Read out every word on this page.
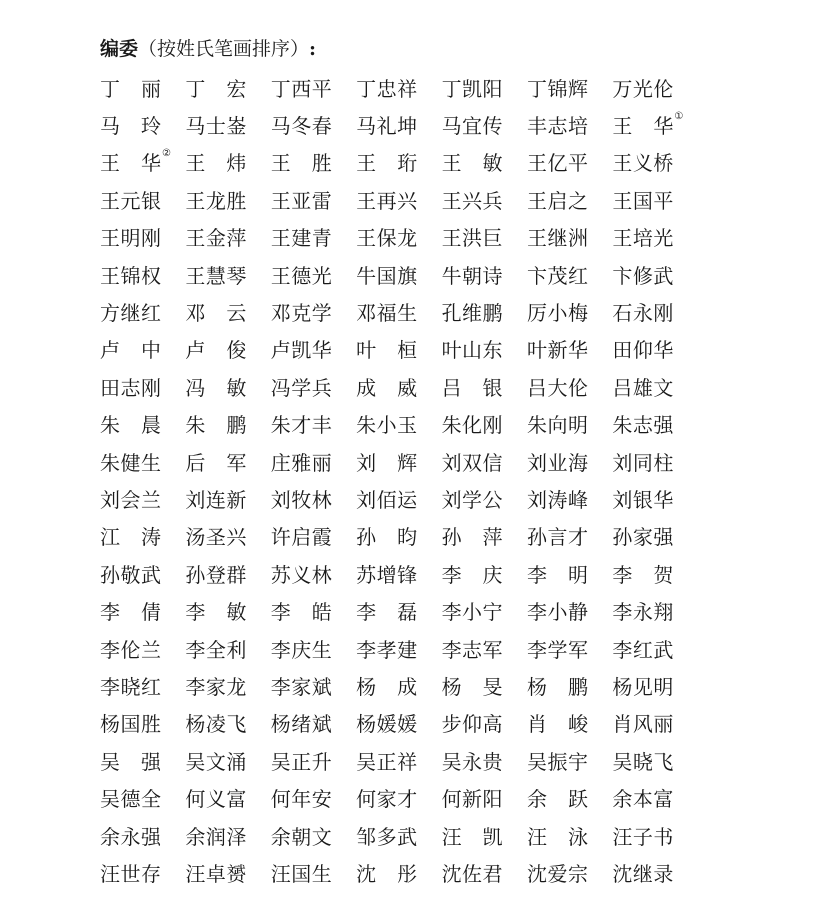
编委（按姓氏笔画排序）:
丁丽 丁宏 丁西平 丁忠祥 丁凯阳 丁锦辉 万光伦
马玲 马士崟 马冬春 马礼坤 马宜传 丰志培 王华 ①
王华 ② 王炜 王胜 王珩 王敏 王亿平 王义桥
王元银 王龙胜 王亚雷 王再兴 王兴兵 王启之 王国平
王明刚 王金萍 王建青 王保龙 王洪巨 王继洲 王培光
王锦权 王慧琴 王德光 牛国旗 牛朝诗 卞茂红 卞修武
方继红 邓云 邓克学 邓福生 孔维鹏 厉小梅 石永刚
卢中 卢俊 卢凯华 叶桓 叶山东 叶新华 田仰华
田志刚 冯敏 冯学兵 成威 吕银 吕大伦 吕雄文
朱晨 朱鹏 朱才丰 朱小玉 朱化刚 朱向明 朱志强
朱健生 后军 庄雅丽 刘辉 刘双信 刘业海 刘同柱
刘会兰 刘连新 刘牧林 刘佰运 刘学公 刘涛峰 刘银华
江涛 汤圣兴 许启霞 孙昀 孙萍 孙言才 孙家强
孙敬武 孙登群 苏义林 苏增锋 李庆 李明 李贺
李倩 李敏 李皓 李磊 李小宁 李小静 李永翔
李伦兰 李全利 李庆生 李孝建 李志军 李学军 李红武
李晓红 李家龙 李家斌 杨成 杨旻 杨鹏 杨见明
杨国胜 杨凌飞 杨绪斌 杨媛媛 步仰高 肖峻 肖风丽
吴强 吴文涌 吴正升 吴正祥 吴永贵 吴振宇 吴晓飞
吴德全 何义富 何年安 何家才 何新阳 余跃 余本富
余永强 余润泽 余朝文 邹多武 汪凯 汪泳 汪子书
汪世存 汪卓赟 汪国生 沈彤 沈佐君 沈爱宗 沈继录
